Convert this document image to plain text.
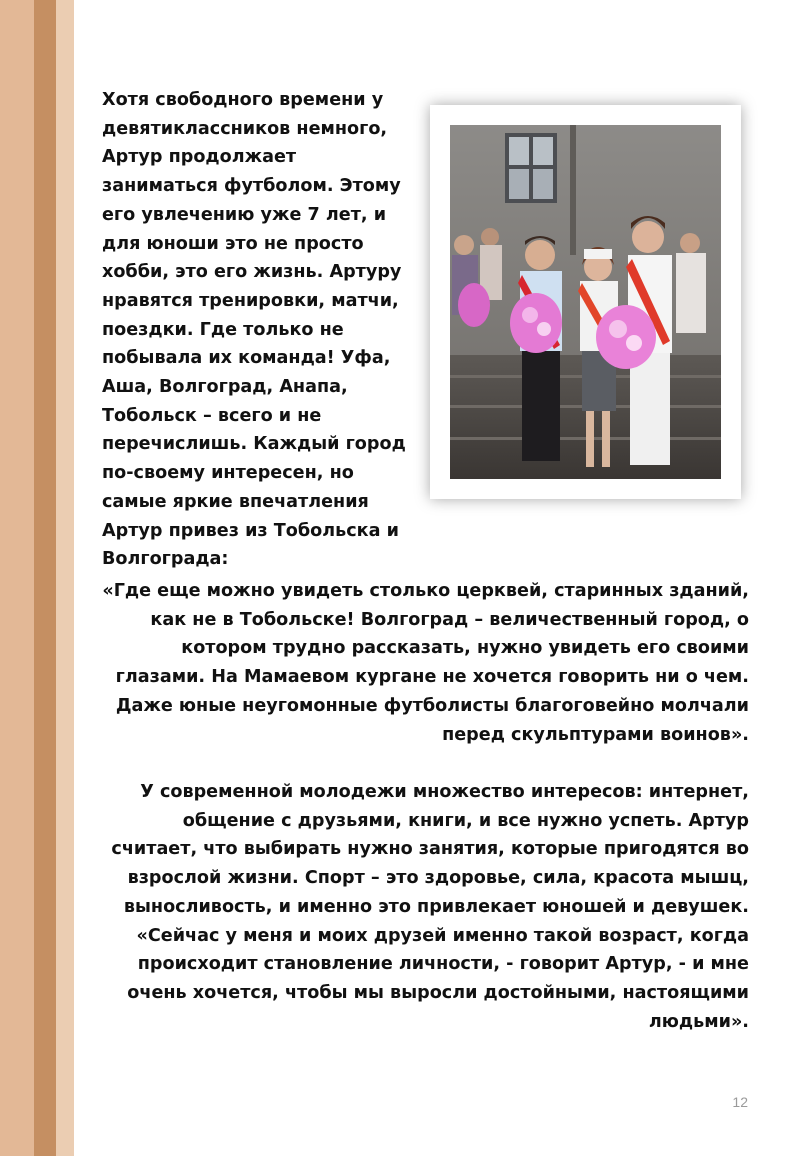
Хотя свободного времени у девятиклассников немного, Артур продолжает заниматься футболом. Этому его увлечению уже 7 лет, и для юноши это не просто хобби, это его жизнь. Артуру нравятся тренировки, матчи, поездки. Где только не побывала их команда! Уфа, Аша, Волгоград, Анапа, Тобольск – всего и не перечислишь. Каждый город по-своему интересен, но самые яркие впечатления Артур привез из Тобольска и Волгограда:

«Где еще можно увидеть столько церквей, старинных зданий, как не в Тобольске! Волгоград – величественный город, о котором трудно рассказать, нужно увидеть его своими глазами. На Мамаевом кургане не хочется говорить ни о чем. Даже юные неугомонные футболисты благоговейно молчали перед скульптурами воинов».

У современной молодежи множество интересов: интернет, общение с друзьями, книги, и все нужно успеть. Артур считает, что выбирать нужно занятия, которые пригодятся во взрослой жизни. Спорт – это здоровье, сила, красота мышц, выносливость, и именно это привлекает юношей и девушек. «Сейчас у меня и моих друзей именно такой возраст, когда происходит становление личности, - говорит Артур, - и мне очень хочется, чтобы мы выросли достойными, настоящими людьми».

12
